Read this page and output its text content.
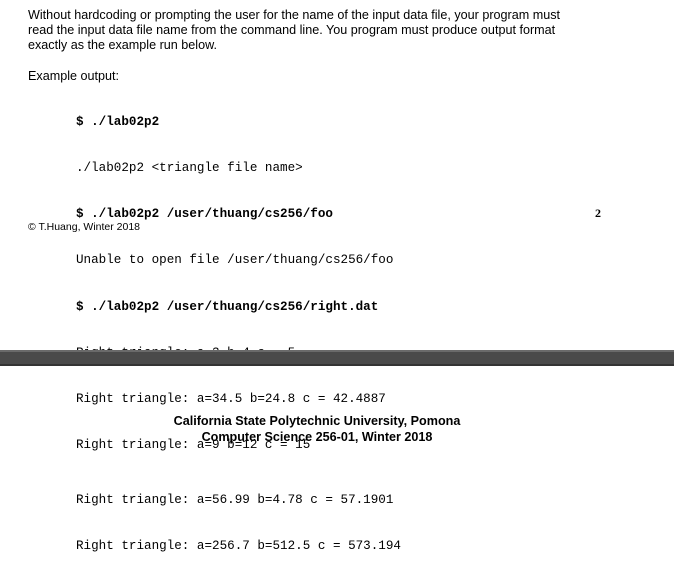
Without hardcoding or prompting the user for the name of the input data file, your program must
read the input data file name from the command line. You program must produce output format
exactly as the example run below.
Example output:

$ ./lab02p2

./lab02p2 <triangle file name>

$ ./lab02p2 /user/thuang/cs256/foo

Unable to open file /user/thuang/cs256/foo

$ ./lab02p2 /user/thuang/cs256/right.dat

Right triangle: a=34.5 b=24.8 c = 42.4887

Right triangle: a=9 b=12 c = 15

2
© T.Huang, Winter 2018
California State Polytechnic University, Pomona
Computer Science 256-01, Winter 2018

Right triangle: a=56.99 b=4.78 c = 57.1901

Right triangle: a=256.7 b=512.5 c = 573.194
